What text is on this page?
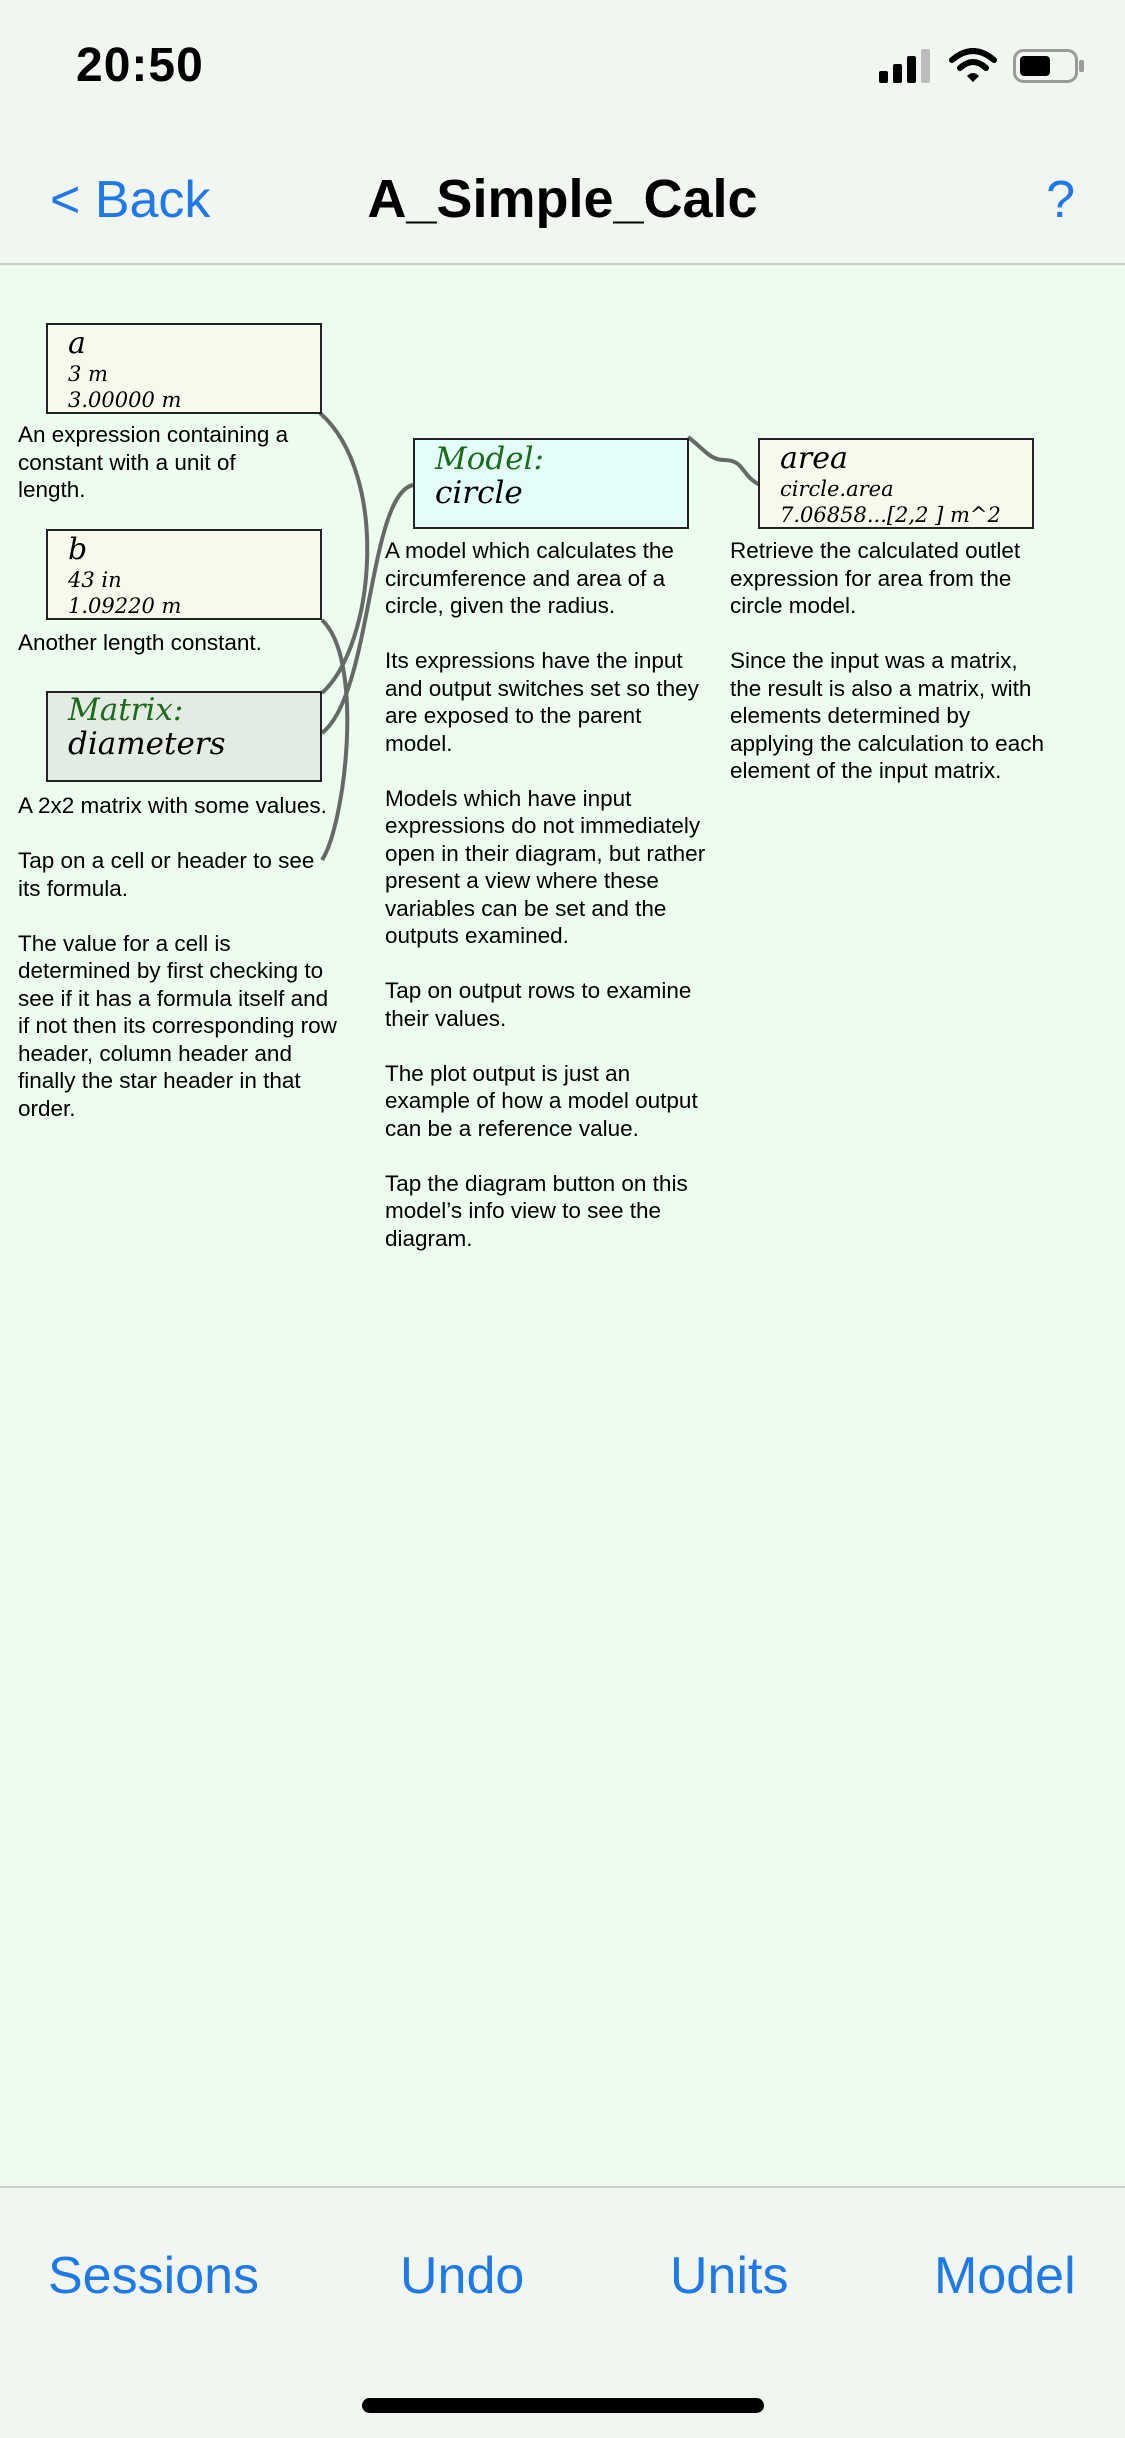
20:50
< Back	A_Simple_Calc	?
a
3 m
3.00000 m
An expression containing a
constant with a unit of
length.
b
43 in
1.09220 m
Another length constant.
Matrix:
diameters
A 2x2 matrix with some values.

Tap on a cell or header to see
its formula.

The value for a cell is
determined by first checking to
see if it has a formula itself and
if not then its corresponding row
header, column header and
finally the star header in that
order.
Model:
circle
A model which calculates the
circumference and area of a
circle, given the radius.

Its expressions have the input
and output switches set so they
are exposed to the parent
model.

Models which have input
expressions do not immediately
open in their diagram, but rather
present a view where these
variables can be set and the
outputs examined.

Tap on output rows to examine
their values.

The plot output is just an
example of how a model output
can be a reference value.

Tap the diagram button on this
model’s info view to see the
diagram.
area
circle.area
7.06858...[2,2 ] m^2
Retrieve the calculated outlet
expression for area from the
circle model.

Since the input was a matrix,
the result is also a matrix, with
elements determined by
applying the calculation to each
element of the input matrix.
Sessions	Undo	Units	Model
